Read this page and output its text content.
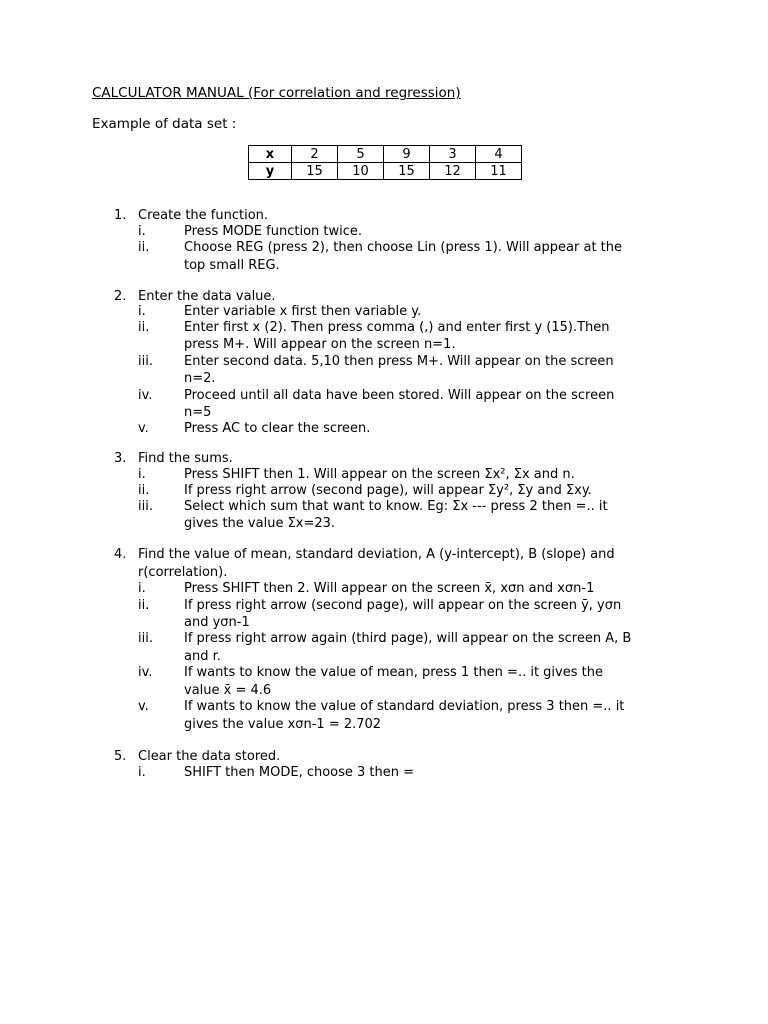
CALCULATOR MANUAL (For correlation and regression)
Example of data set :
x	2	5	9	3	4
y	15	10	15	12	11
1. Create the function.
i.	Press MODE function twice.
ii.	Choose REG (press 2), then choose Lin (press 1). Will appear at the
top small REG.
2. Enter the data value.
i.	Enter variable x first then variable y.
ii.	Enter first x (2). Then press comma (,) and enter first y (15).Then
press M+. Will appear on the screen n=1.
iii. Enter second data. 5,10 then press M+. Will appear on the screen
n=2.
iv. Proceed until all data have been stored. Will appear on the screen
n=5
v.	Press AC to clear the screen.
3. Find the sums.
i.	Press SHIFT then 1. Will appear on the screen Σx², Σx and n.
ii.	If press right arrow (second page), will appear Σy², Σy and Σxy.
iii. Select which sum that want to know. Eg: Σx --- press 2 then =.. it
gives the value Σx=23.
4. Find the value of mean, standard deviation, A (y-intercept), B (slope) and
r(correlation).
i.	Press SHIFT then 2. Will appear on the screen x̄, xσn and xσn-1
ii.	If press right arrow (second page), will appear on the screen ȳ, yσn
and yσn-1
iii. If press right arrow again (third page), will appear on the screen A, B
and r.
iv. If wants to know the value of mean, press 1 then =.. it gives the
value x̄ = 4.6
v.	If wants to know the value of standard deviation, press 3 then =.. it
gives the value xσn-1 = 2.702
5. Clear the data stored.
i.	SHIFT then MODE, choose 3 then =
